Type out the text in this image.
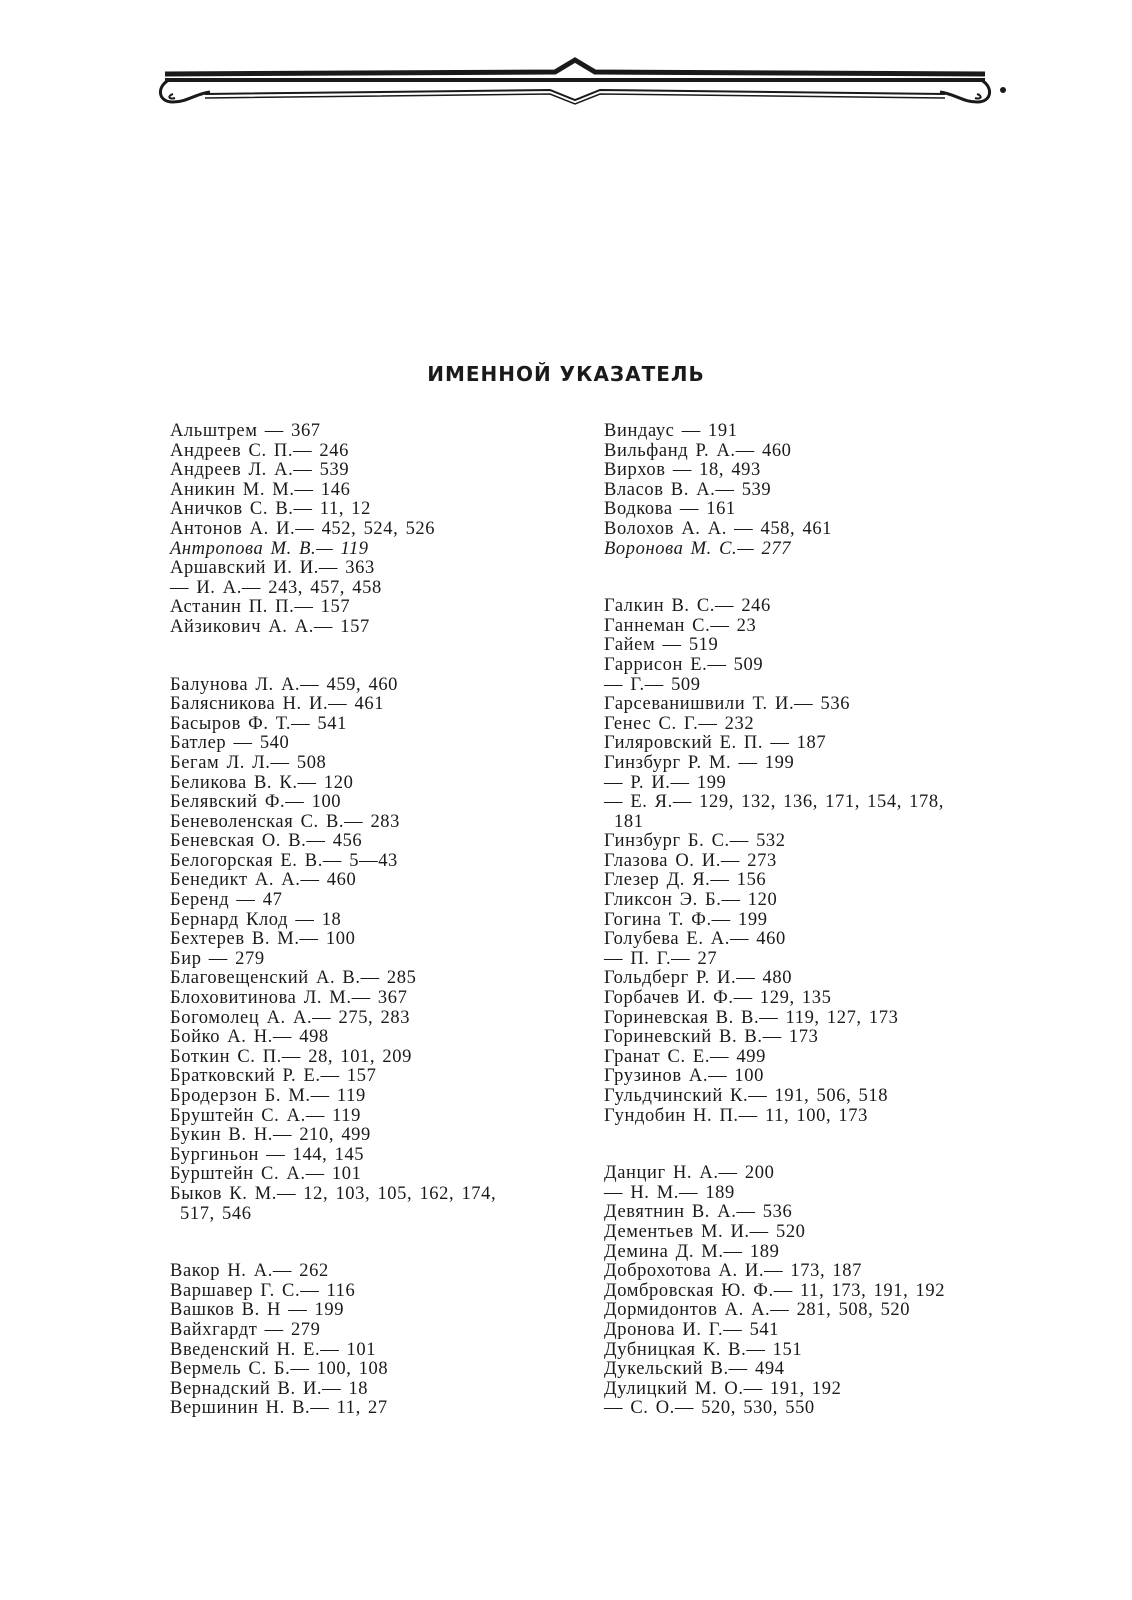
ИМЕННОЙ УКАЗАТЕЛЬ
Альштрем — 367
Андреев С. П.— 246
Андреев Л. А.— 539
Аникин М. М.— 146
Аничков С. В.— 11, 12
Антонов А. И.— 452, 524, 526
Антропова М. В.— 119
Аршавский И. И.— 363
— И. А.— 243, 457, 458
Астанин П. П.— 157
Айзикович А. А.— 157
Балунова Л. А.— 459, 460
Балясникова Н. И.— 461
Басыров Ф. Т.— 541
Батлер — 540
Бегам Л. Л.— 508
Беликова В. К.— 120
Белявский Ф.— 100
Беневоленская С. В.— 283
Беневская О. В.— 456
Белогорская Е. В.— 5—43
Бенедикт А. А.— 460
Беренд — 47
Бернард Клод — 18
Бехтерев В. М.— 100
Бир — 279
Благовещенский А. В.— 285
Блоховитинова Л. М.— 367
Богомолец А. А.— 275, 283
Бойко А. Н.— 498
Боткин С. П.— 28, 101, 209
Братковский Р. Е.— 157
Бродерзон Б. М.— 119
Бруштейн С. А.— 119
Букин В. Н.— 210, 499
Бургиньон — 144, 145
Бурштейн С. А.— 101
Быков К. М.— 12, 103, 105, 162, 174,
517, 546
Вакор Н. А.— 262
Варшавер Г. С.— 116
Вашков В. Н — 199
Вайхгардт — 279
Введенский Н. Е.— 101
Вермель С. Б.— 100, 108
Вернадский В. И.— 18
Вершинин Н. В.— 11, 27
Виндаус — 191
Вильфанд Р. А.— 460
Вирхов — 18, 493
Власов В. А.— 539
Водкова — 161
Волохов А. А. — 458, 461
Воронова М. С.— 277
Галкин В. С.— 246
Ганнеман С.— 23
Гайем — 519
Гаррисон Е.— 509
— Г.— 509
Гарсеванишвили Т. И.— 536
Генес С. Г.— 232
Гиляровский Е. П. — 187
Гинзбург Р. М. — 199
— Р. И.— 199
— Е. Я.— 129, 132, 136, 171, 154, 178,
181
Гинзбург Б. С.— 532
Глазова О. И.— 273
Глезер Д. Я.— 156
Гликсон Э. Б.— 120
Гогина Т. Ф.— 199
Голубева Е. А.— 460
— П. Г.— 27
Гольдберг Р. И.— 480
Горбачев И. Ф.— 129, 135
Гориневская В. В.— 119, 127, 173
Гориневский В. В.— 173
Гранат С. Е.— 499
Грузинов А.— 100
Гульдчинский К.— 191, 506, 518
Гундобин Н. П.— 11, 100, 173
Данциг Н. А.— 200
— Н. М.— 189
Девятнин В. А.— 536
Дементьев М. И.— 520
Демина Д. М.— 189
Доброхотова А. И.— 173, 187
Домбровская Ю. Ф.— 11, 173, 191, 192
Дормидонтов А. А.— 281, 508, 520
Дронова И. Г.— 541
Дубницкая К. В.— 151
Дукельский В.— 494
Дулицкий М. О.— 191, 192
— С. О.— 520, 530, 550
